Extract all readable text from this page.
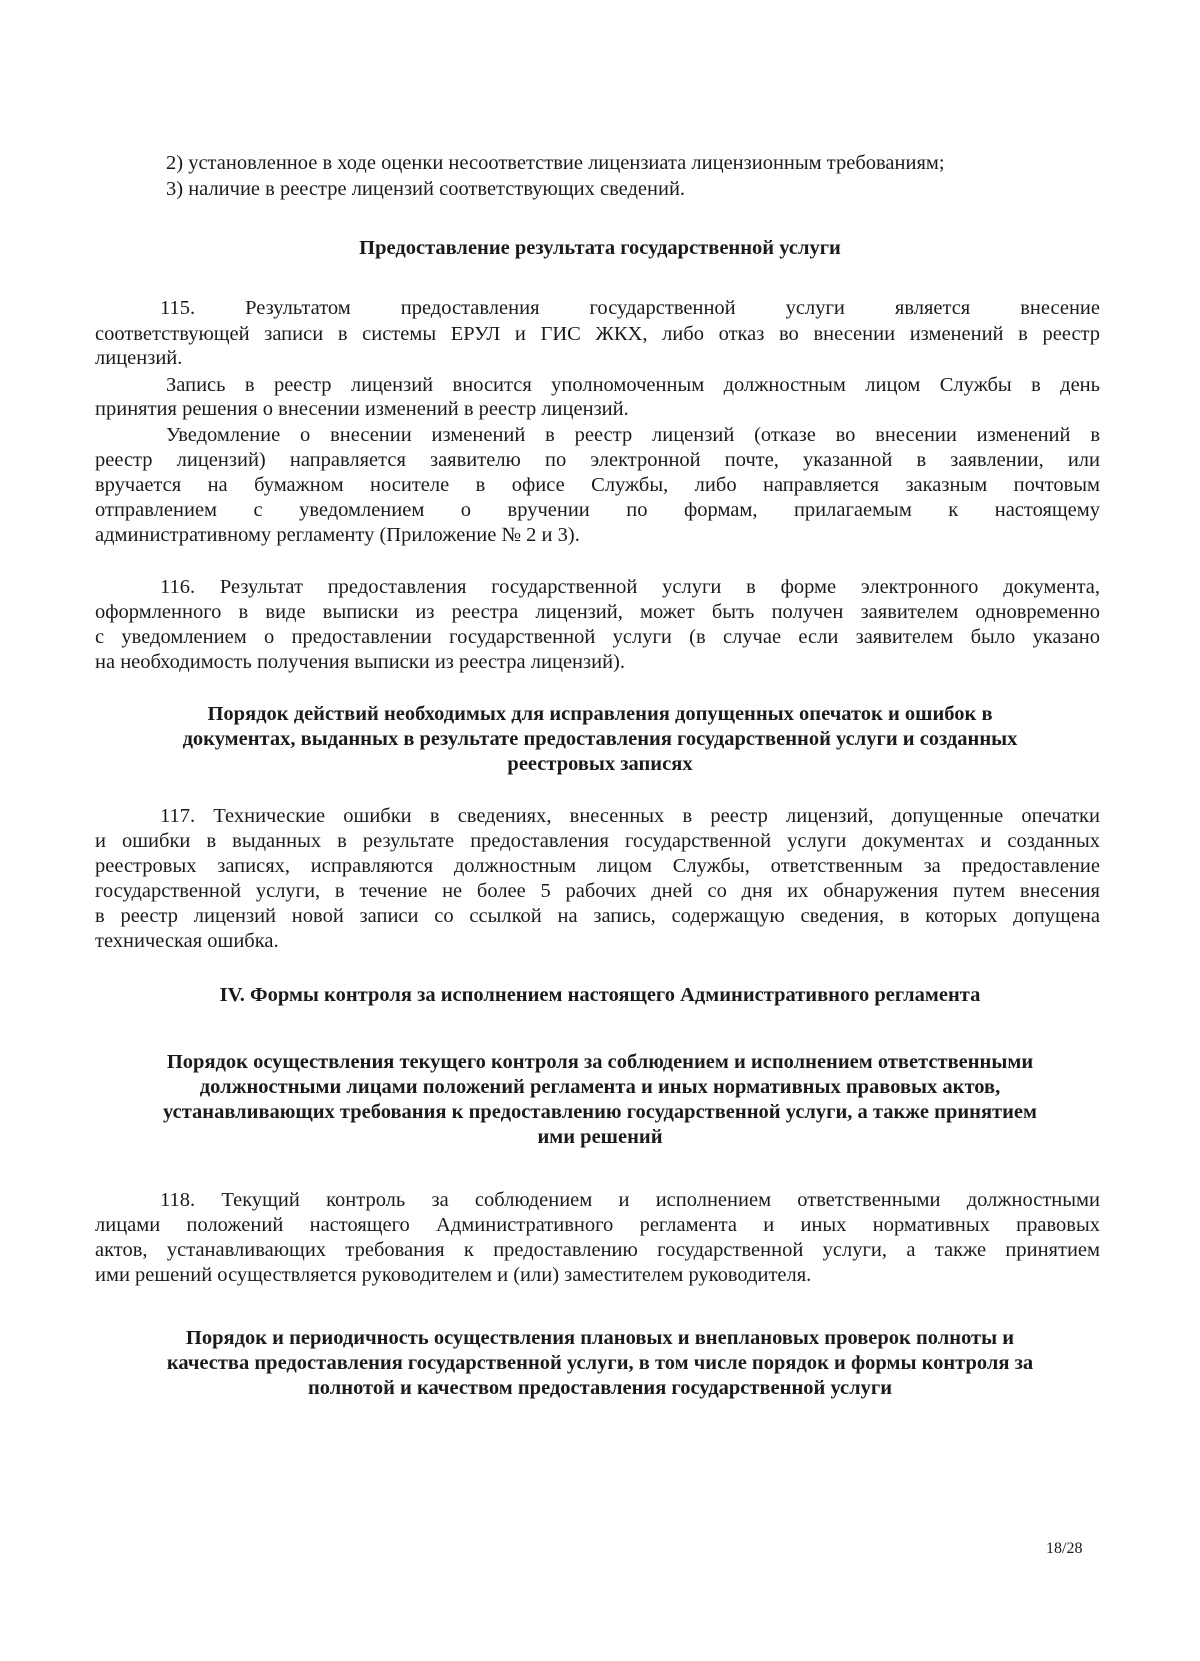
2) установленное в ходе оценки несоответствие лицензиата лицензионным требованиям;

3) наличие в реестре лицензий соответствующих сведений.

Предоставление результата государственной услуги

115. Результатом предоставления государственной услуги является внесение

соответствующей записи в системы ЕРУЛ и ГИС ЖКХ, либо отказ во внесении изменений в реестр

лицензий.

Запись в реестр лицензий вносится уполномоченным должностным лицом Службы в день

принятия решения о внесении изменений в реестр лицензий.

Уведомление о внесении изменений в реестр лицензий (отказе во внесении изменений в

реестр лицензий) направляется заявителю по электронной почте, указанной в заявлении, или

вручается на бумажном носителе в офисе Службы, либо направляется заказным почтовым

отправлением с уведомлением о вручении по формам, прилагаемым к настоящему

административному регламенту (Приложение № 2 и 3).

116. Результат предоставления государственной услуги в форме электронного документа,

оформленного в виде выписки из реестра лицензий, может быть получен заявителем одновременно

с уведомлением о предоставлении государственной услуги (в случае если заявителем было указано

на необходимость получения выписки из реестра лицензий).

Порядок действий необходимых для исправления допущенных опечаток и ошибок в

документах, выданных в результате предоставления государственной услуги и созданных

реестровых записях

117. Технические ошибки в сведениях, внесенных в реестр лицензий, допущенные опечатки

и ошибки в выданных в результате предоставления государственной услуги документах и созданных

реестровых записях, исправляются должностным лицом Службы, ответственным за предоставление

государственной услуги, в течение не более 5 рабочих дней со дня их обнаружения путем внесения

в реестр лицензий новой записи со ссылкой на запись, содержащую сведения, в которых допущена

техническая ошибка.

IV. Формы контроля за исполнением настоящего Административного регламента

Порядок осуществления текущего контроля за соблюдением и исполнением ответственными

должностными лицами положений регламента и иных нормативных правовых актов,

устанавливающих требования к предоставлению государственной услуги, а также принятием

ими решений

118. Текущий контроль за соблюдением и исполнением ответственными должностными

лицами положений настоящего Административного регламента и иных нормативных правовых

актов, устанавливающих требования к предоставлению государственной услуги, а также принятием

ими решений осуществляется руководителем и (или) заместителем руководителя.

Порядок и периодичность осуществления плановых и внеплановых проверок полноты и

качества предоставления государственной услуги, в том числе порядок и формы контроля за

полнотой и качеством предоставления государственной услуги

18/28
